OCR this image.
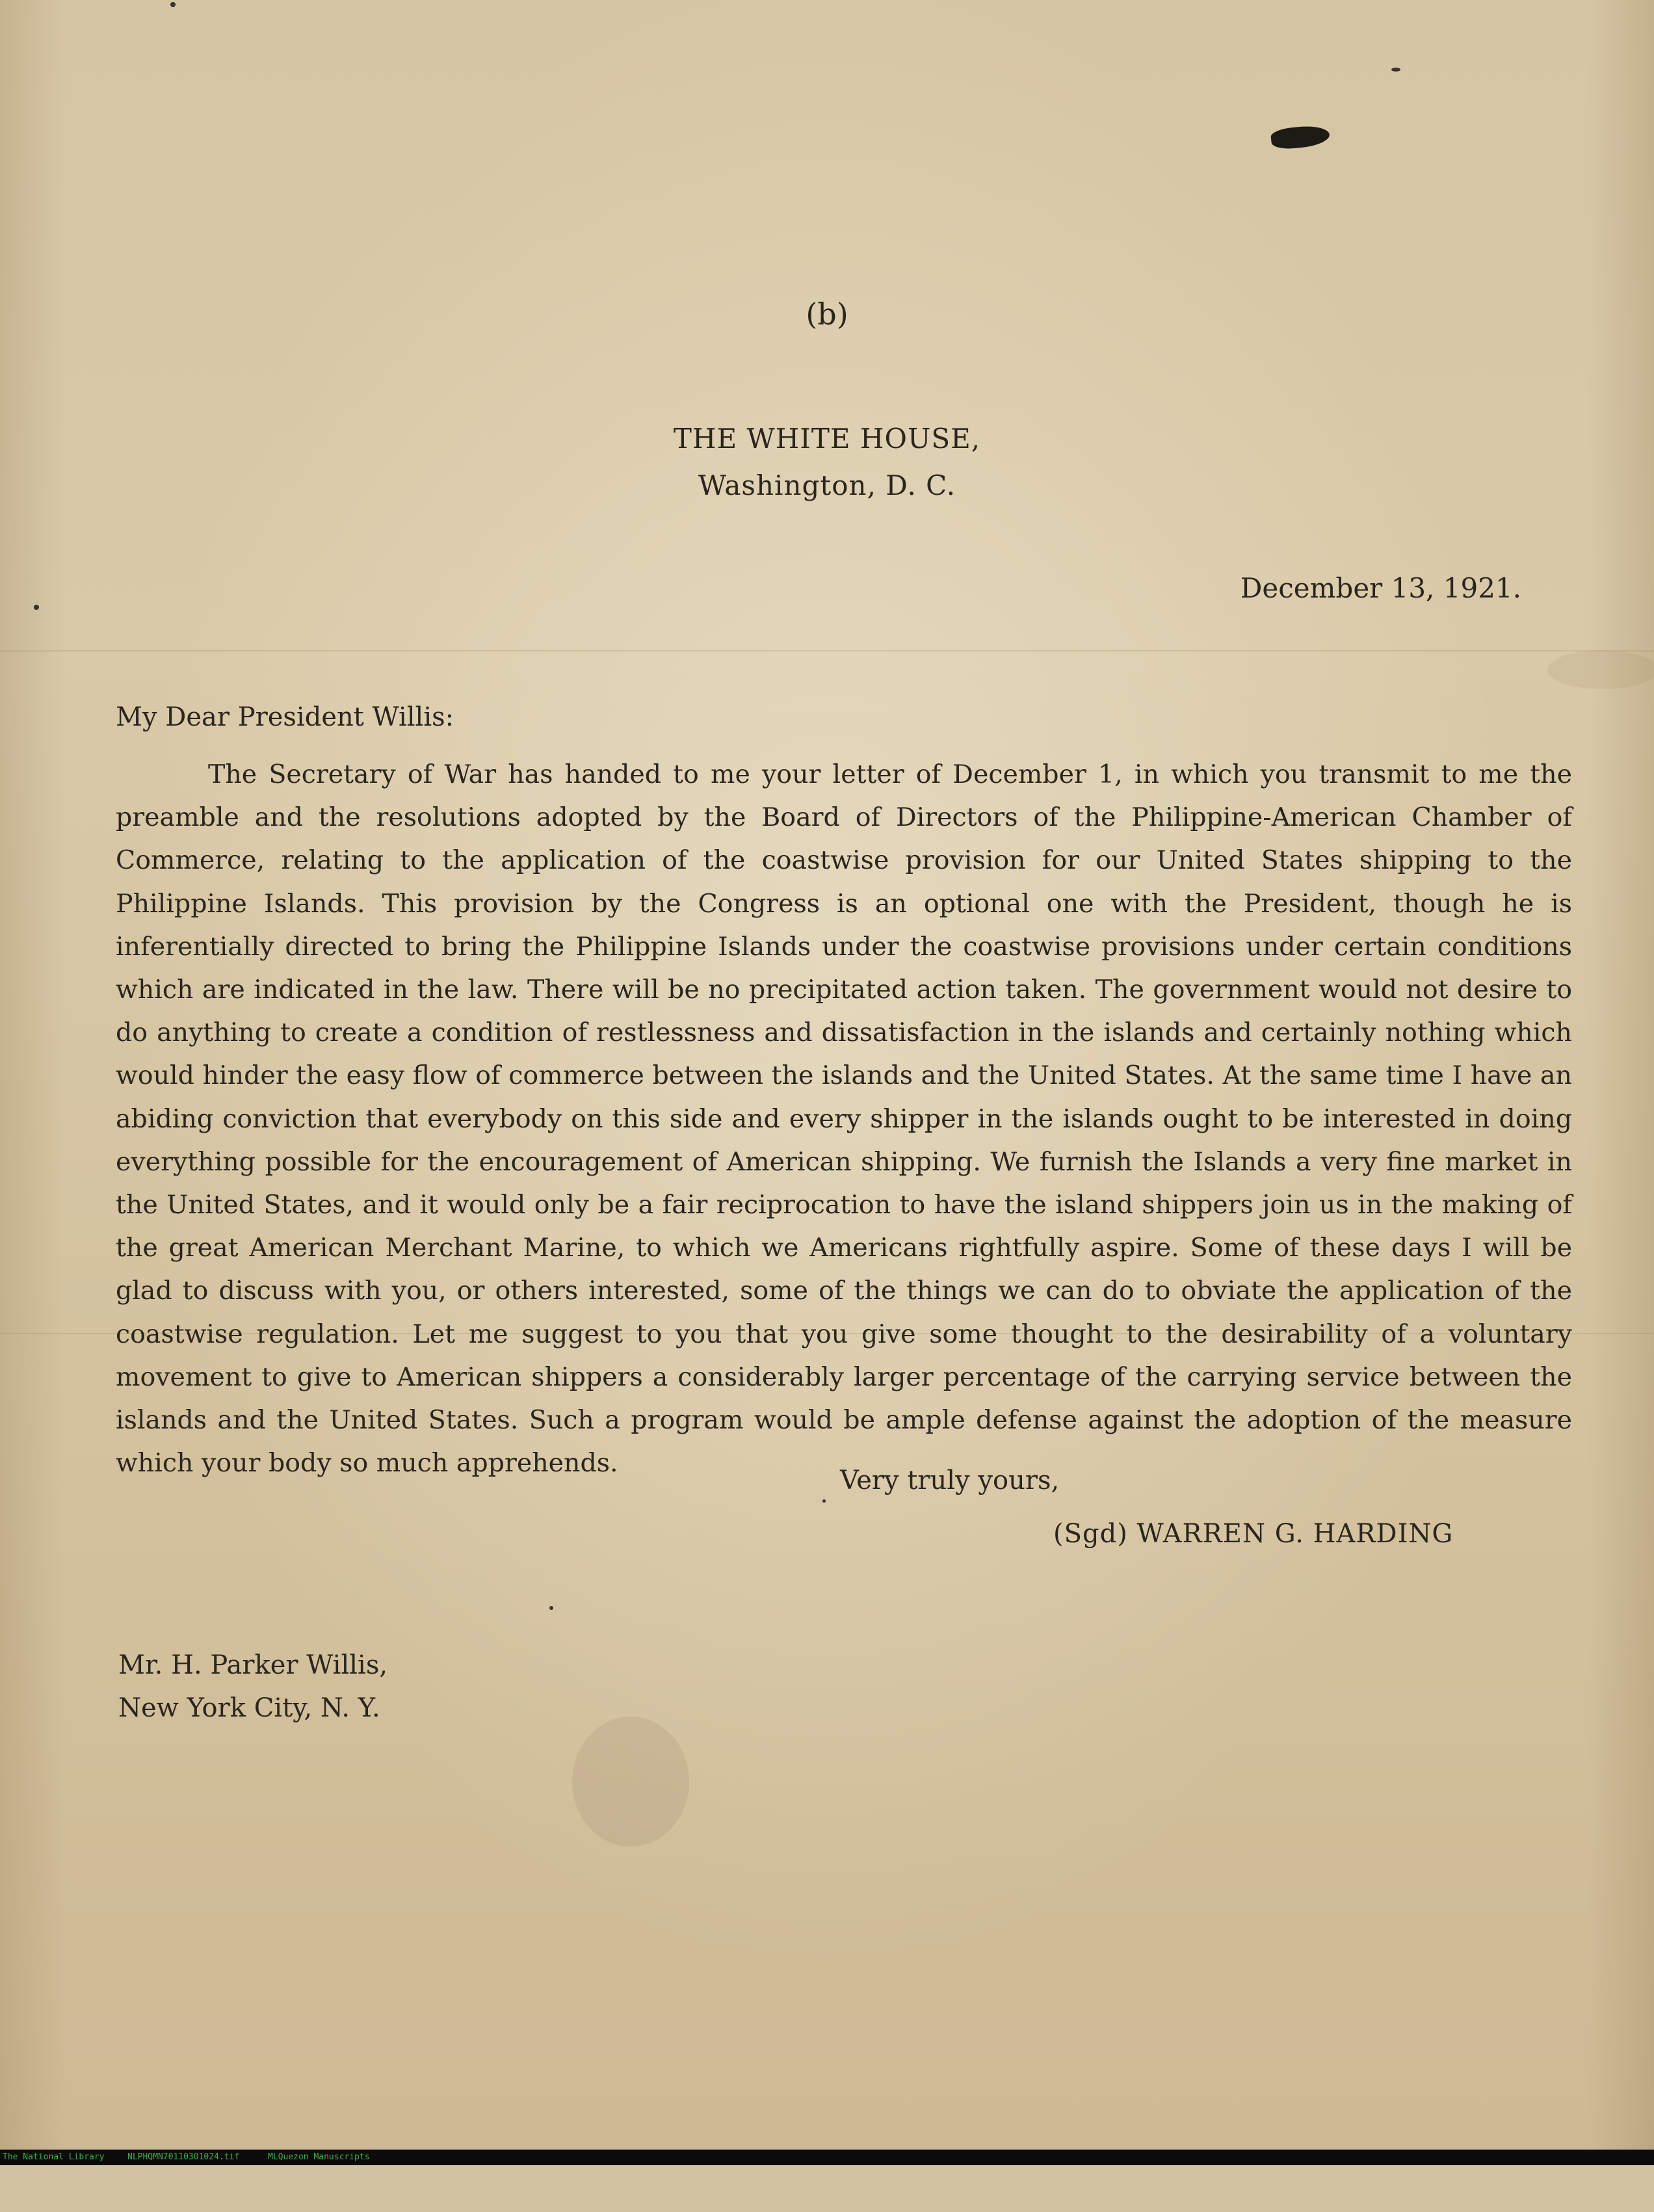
(b)
THE WHITE HOUSE,
Washington, D. C.
December 13, 1921.
My Dear President Willis:

The Secretary of War has handed to me your letter of December 1, in which you transmit to me the preamble and the resolutions adopted by the Board of Directors of the Philippine-American Chamber of Commerce, relating to the application of the coastwise provision for our United States shipping to the Philippine Islands. This provision by the Congress is an optional one with the President, though he is inferentially directed to bring the Philippine Islands under the coastwise provisions under certain conditions which are indicated in the law. There will be no precipitated action taken. The government would not desire to do anything to create a condition of restlessness and dissatisfaction in the islands and certainly nothing which would hinder the easy flow of commerce between the islands and the United States. At the same time I have an abiding conviction that everybody on this side and every shipper in the islands ought to be interested in doing everything possible for the encouragement of American shipping. We furnish the Islands a very fine market in the United States, and it would only be a fair reciprocation to have the island shippers join us in the making of the great American Merchant Marine, to which we Americans rightfully aspire. Some of these days I will be glad to discuss with you, or others interested, some of the things we can do to obviate the application of the coastwise regulation. Let me suggest to you that you give some thought to the desirability of a voluntary movement to give to American shippers a considerably larger percentage of the carrying service between the islands and the United States. Such a program would be ample defense against the adoption of the measure which your body so much apprehends.

Very truly yours,
(Sgd) WARREN G. HARDING
Mr. H. Parker Willis,
New York City, N. Y.

The National Library

	NLPHQMN70110301024.tif

	MLQuezon Manuscripts
